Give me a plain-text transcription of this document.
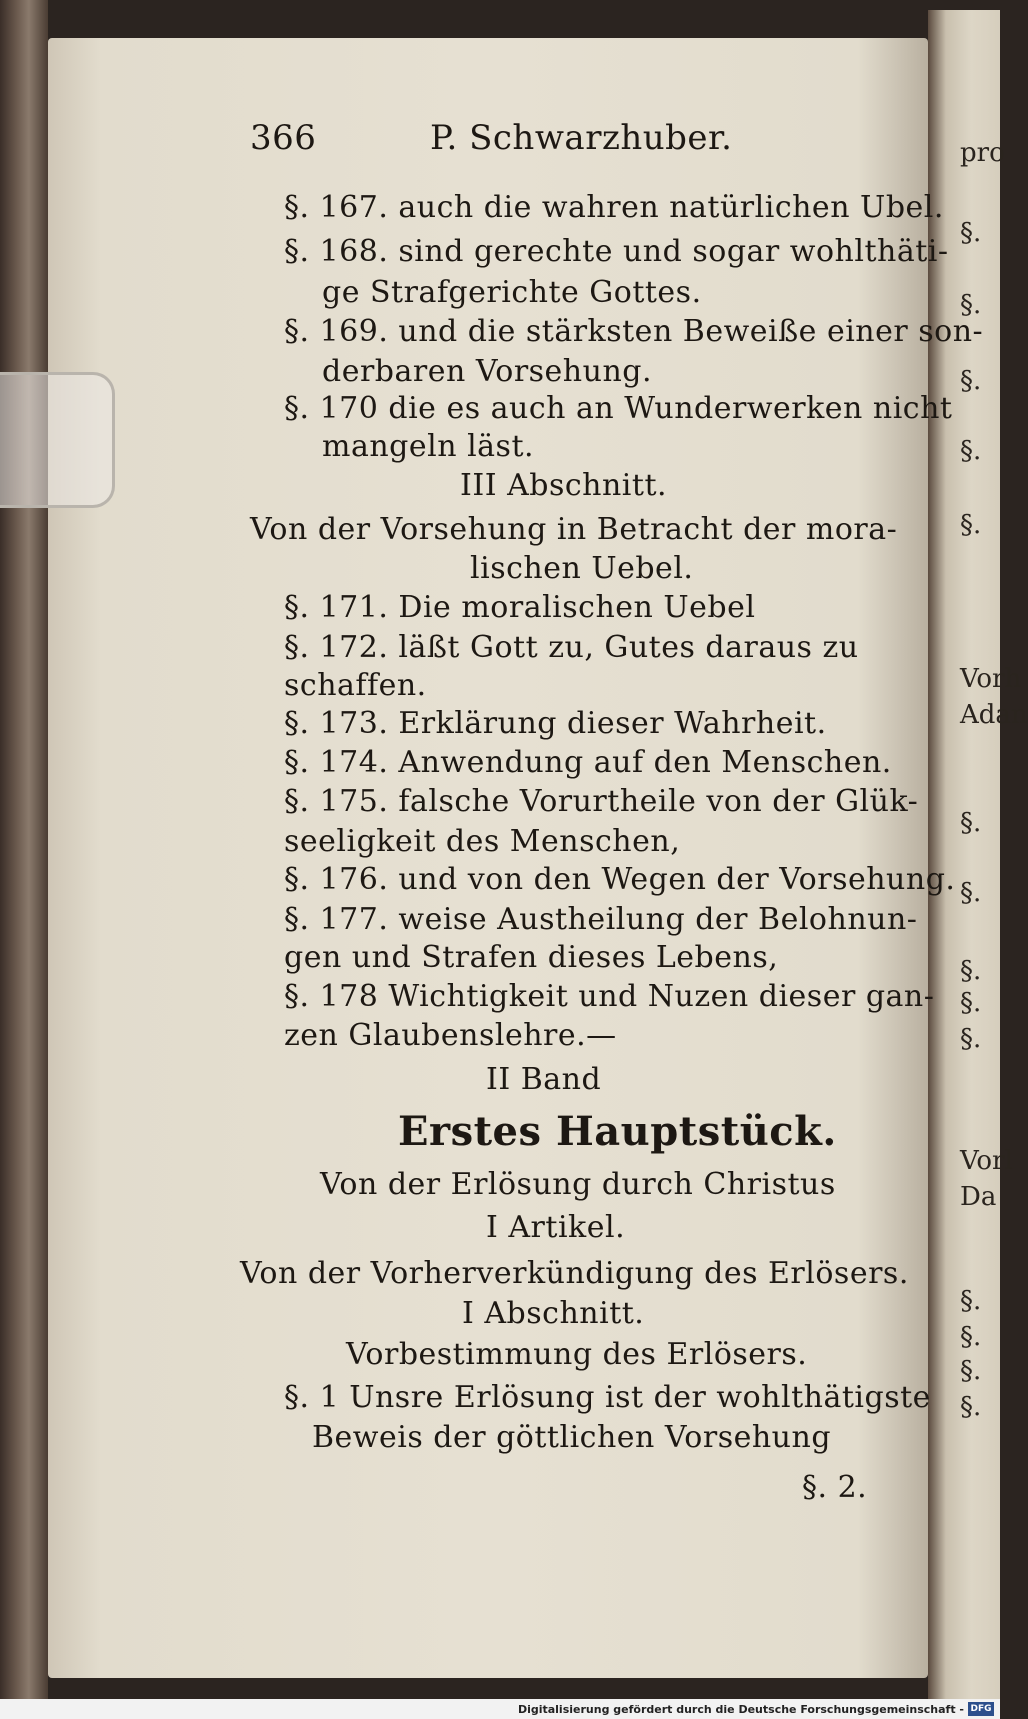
pro
§.
§.
§.
§.
§.
Vorh
Adan
§.
§.
§.
§.
§.
Vorl
Da
§.
§.
§.
§.
366	P. Schwarzhuber.
§. 167. auch die wahren natürlichen Ubel.
§. 168. sind gerechte und sogar wohlthäti-
ge Strafgerichte Gottes.
§. 169. und die stärksten Beweiße einer son-
derbaren Vorsehung.
§. 170 die es auch an Wunderwerken nicht
mangeln läst.
III Abschnitt.
Von der Vorsehung in Betracht der mora-
lischen Uebel.
§. 171. Die moralischen Uebel
§. 172. läßt Gott zu, Gutes daraus zu
schaffen.
§. 173. Erklärung dieser Wahrheit.
§. 174. Anwendung auf den Menschen.
§. 175. falsche Vorurtheile von der Glük-
seeligkeit des Menschen,
§. 176. und von den Wegen der Vorsehung.
§. 177. weise Austheilung der Belohnun-
gen und Strafen dieses Lebens,
§. 178 Wichtigkeit und Nuzen dieser gan-
zen Glaubenslehre.—
II Band
Erstes Hauptstück.
Von der Erlösung durch Christus
I Artikel.
Von der Vorherverkündigung des Erlösers.
I Abschnitt.
Vorbestimmung des Erlösers.
§. 1 Unsre Erlösung ist der wohlthätigste
Beweis der göttlichen Vorsehung
§. 2.
Digitalisierung gefördert durch die Deutsche Forschungsgemeinschaft - DFG
